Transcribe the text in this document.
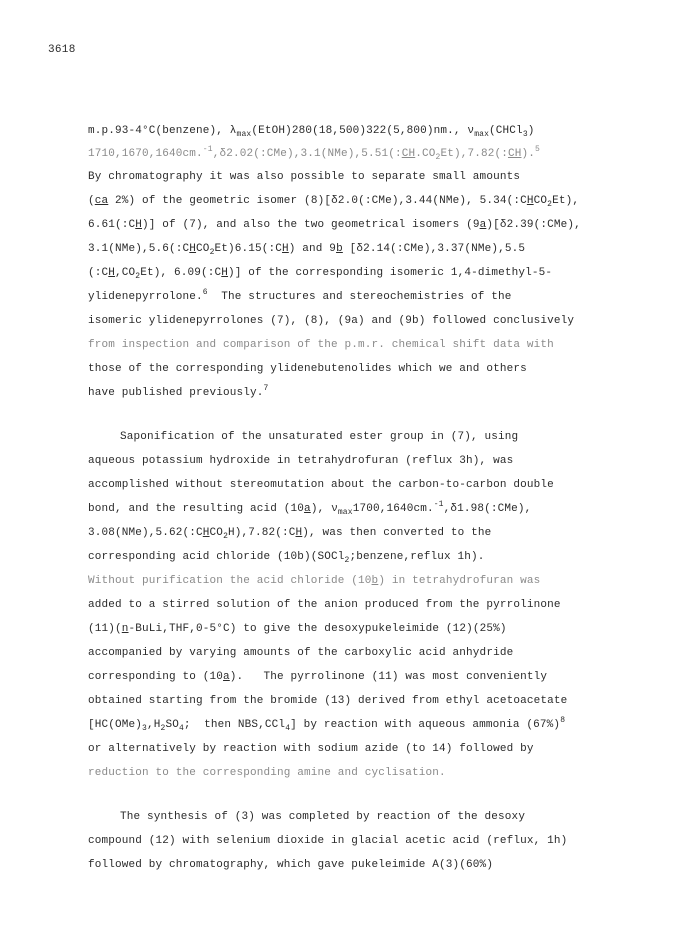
3618
m.p.93-4°C(benzene), $\lambda_{max}(EtOH)280(18,500)322(5,800)nm$., $\nu_{max}(CHCl_3)$
$1710,1670,1640cm.^{-1},\delta 2.02(:CMe),3.1(NMe),5.51(:CH.CO_2Et),7.82(:CH).^5$
By chromatography it was also possible to separate small amounts
(ca 2%) of the geometric isomer (8)[δ2.0(:CMe),3.44(NMe), $5.34(:CHCO_2Et)$,
6.61(:CH)] of (7), and also the two geometrical isomers (9a)[δ2.39(:CMe),
$3.1(NMe),5.6(:CHCO_2Et)6.15(:CH)$ and 9b [δ2.14(:CMe),3.37(NMe),5.5
$(:CH,CO_2Et)$, 6.09(:CH)] of the corresponding isomeric 1,4-dimethyl-5-
ylidenepyrrolone.$^6$  The structures and stereochemistries of the
isomeric ylidenepyrrolones (7), (8), (9a) and (9b) followed conclusively
from inspection and comparison of the p.m.r. chemical shift data with
those of the corresponding ylidenebutenolides which we and others
have published previously.$^7$
Saponification of the unsaturated ester group in (7), using
aqueous potassium hydroxide in tetrahydrofuran (reflux 3h), was
accomplished without stereomutation about the carbon-to-carbon double
bond, and the resulting acid (10a), $\nu_{max}1700,1640cm.^{-1},\delta 1.98(:CMe)$,
$3.08(NMe),5.62(:CHCO_2H),7.82(:CH)$, was then converted to the
corresponding acid chloride (10b)(SOCl$_2$;benzene,reflux 1h).
Without purification the acid chloride (10b) in tetrahydrofuran was
added to a stirred solution of the anion produced from the pyrrolinone
(11)(n-BuLi,THF,0-5°C) to give the desoxypukeleimide (12)(25%)
accompanied by varying amounts of the carboxylic acid anhydride
corresponding to (10a).   The pyrrolinone (11) was most conveniently
obtained starting from the bromide (13) derived from ethyl acetoacetate
[$HC(OMe)_3,H_2SO_4$;  then NBS,CCl$_4$] by reaction with aqueous ammonia $(67\%)^8$
or alternatively by reaction with sodium azide (to 14) followed by
reduction to the corresponding amine and cyclisation.
The synthesis of (3) was completed by reaction of the desoxy
compound (12) with selenium dioxide in glacial acetic acid (reflux, 1h)
followed by chromatography, which gave pukeleimide A(3)(60%)
